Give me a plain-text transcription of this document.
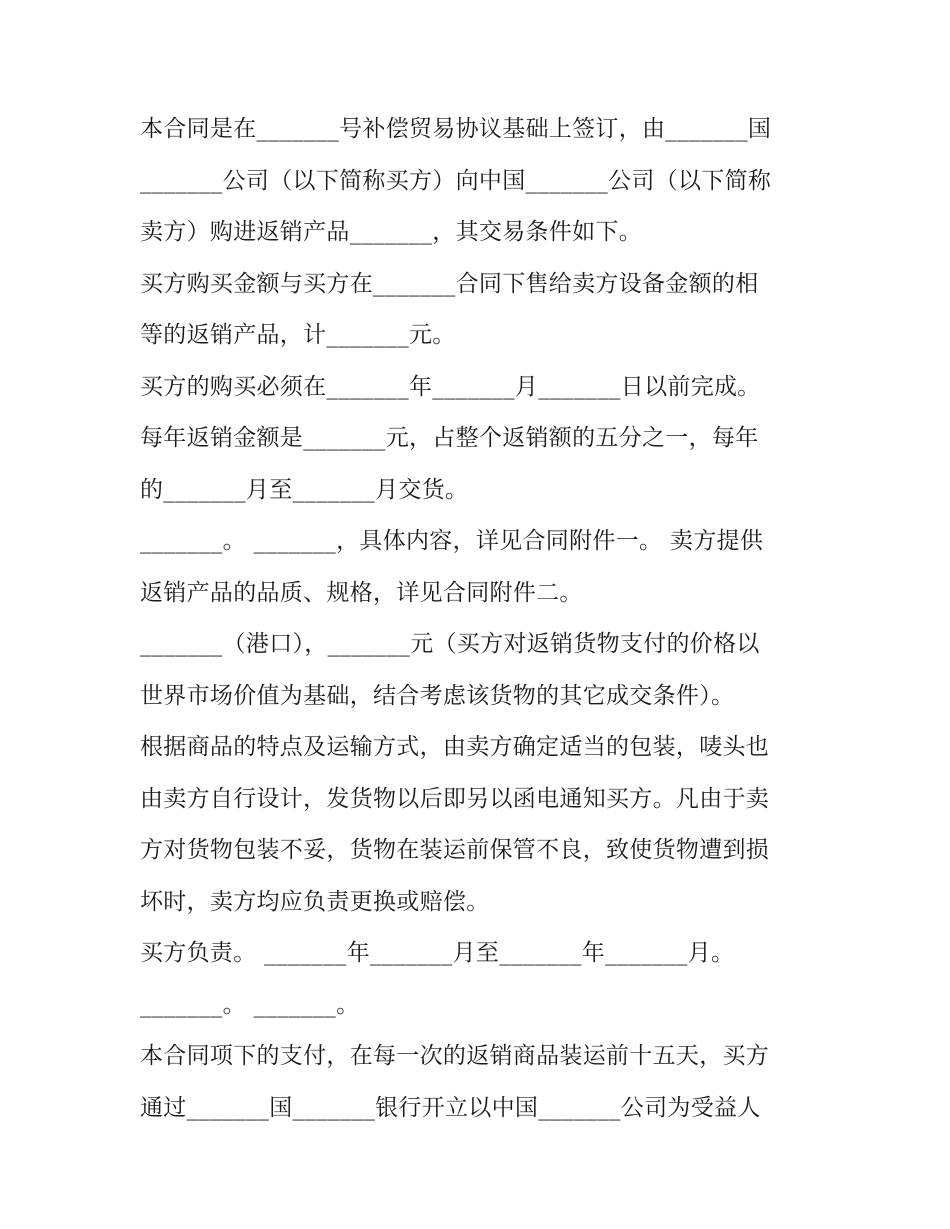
本合同是在_______号补偿贸易协议基础上签订，由_______国
_______公司（以下简称买方）向中国_______公司（以下简称
卖方）购进返销产品_______，其交易条件如下。
买方购买金额与买方在_______合同下售给卖方设备金额的相
等的返销产品，计_______元。
买方的购买必须在_______年_______月_______日以前完成。
每年返销金额是_______元，占整个返销额的五分之一，每年
的_______月至_______月交货。
_______。 _______，具体内容，详见合同附件一。 卖方提供
返销产品的品质、规格，详见合同附件二。
_______（港口），_______元（买方对返销货物支付的价格以
世界市场价值为基础，结合考虑该货物的其它成交条件）。
根据商品的特点及运输方式，由卖方确定适当的包装，唛头也
由卖方自行设计，发货物以后即另以函电通知买方。凡由于卖
方对货物包装不妥，货物在装运前保管不良，致使货物遭到损
坏时，卖方均应负责更换或赔偿。
买方负责。 _______年_______月至_______年_______月。
_______。 _______。
本合同项下的支付，在每一次的返销商品装运前十五天，买方
通过_______国_______银行开立以中国_______公司为受益人
